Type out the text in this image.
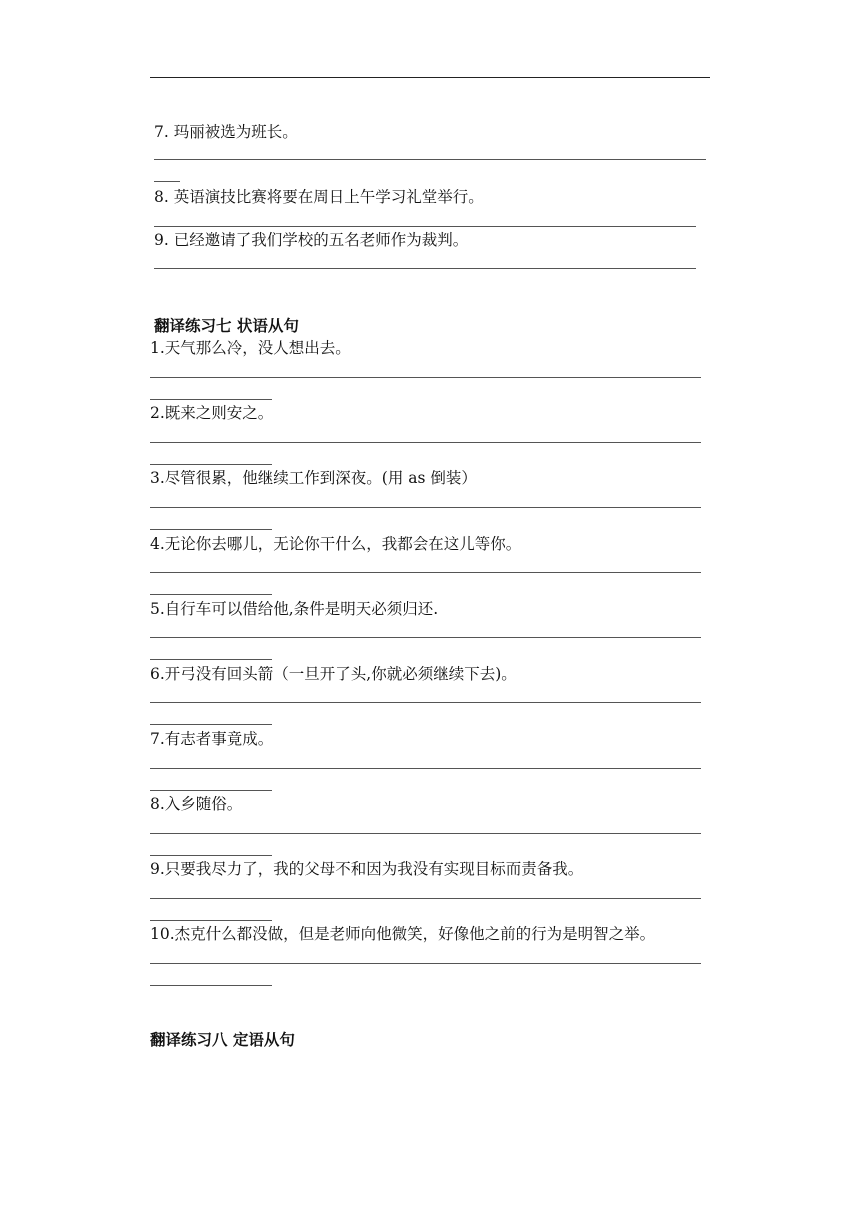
7. 玛丽被选为班长。
8. 英语演技比赛将要在周日上午学习礼堂举行。
9. 已经邀请了我们学校的五名老师作为裁判。
翻译练习七 状语从句
1.天气那么冷，没人想出去。
2.既来之则安之。
3.尽管很累，他继续工作到深夜。(用 as 倒装）
4.无论你去哪儿，无论你干什么，我都会在这儿等你。
5.自行车可以借给他,条件是明天必须归还.
6.开弓没有回头箭（一旦开了头,你就必须继续下去)。
7.有志者事竟成。
8.入乡随俗。
9.只要我尽力了，我的父母不和因为我没有实现目标而责备我。
10.杰克什么都没做，但是老师向他微笑，好像他之前的行为是明智之举。
翻译练习八 定语从句
